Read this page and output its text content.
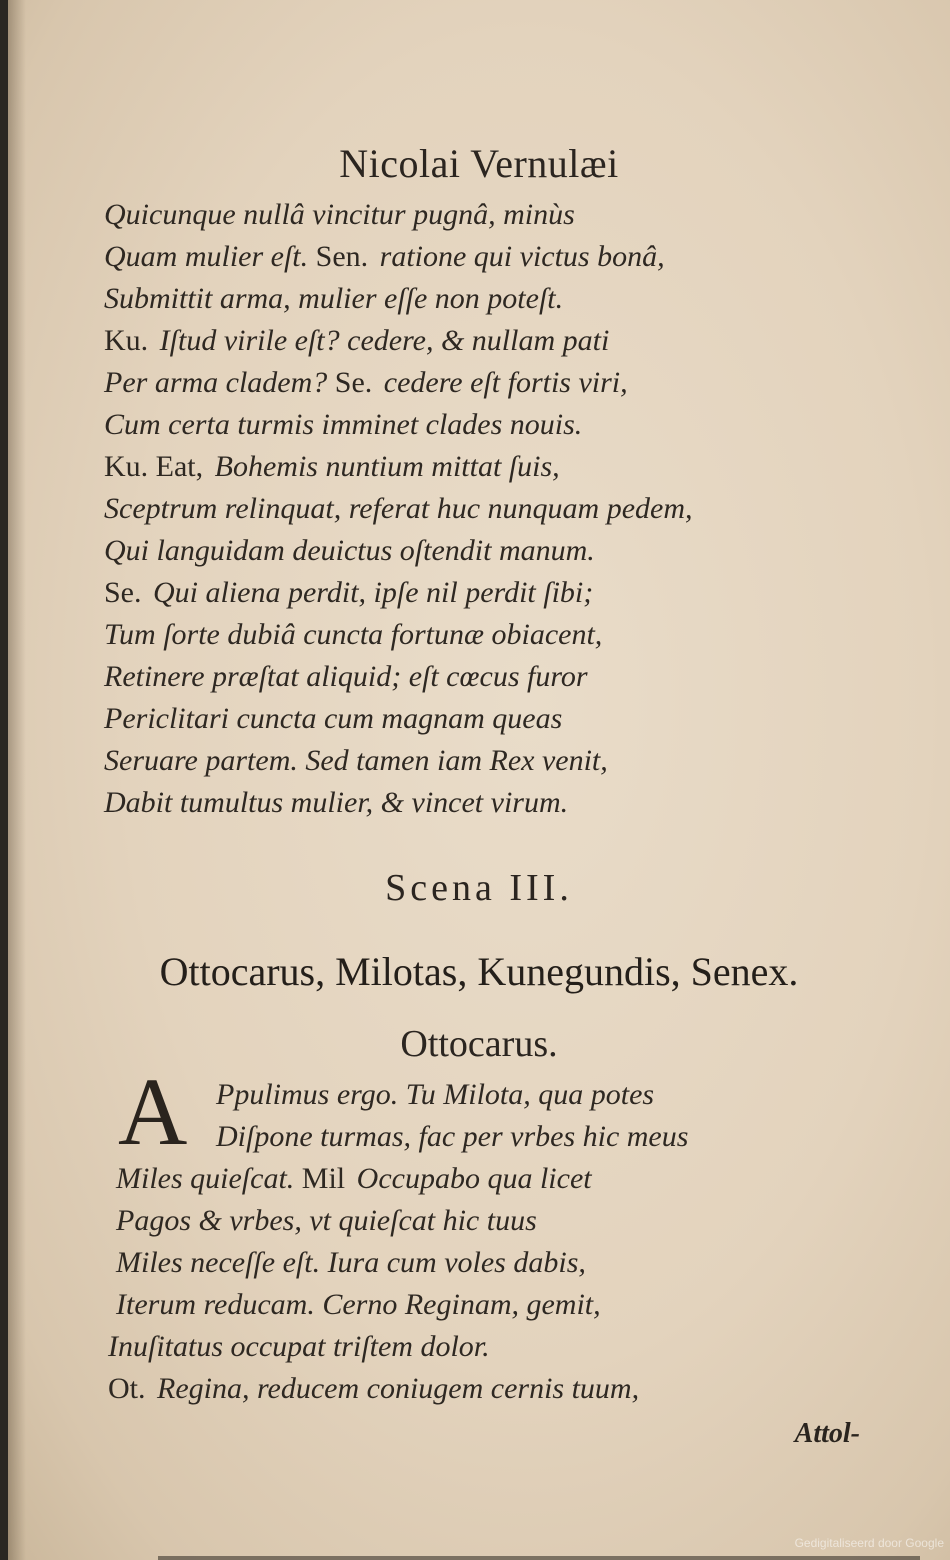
Nicolai Vernulæi
Quicunque nullâ vincitur pugnâ, minùs
Quam mulier eſt. Sen. ratione qui victus bonâ,
Submittit arma, mulier eſſe non poteſt.
Ku. Iſtud virile eſt? cedere, & nullam pati
Per arma cladem? Se. cedere eſt fortis viri,
Cum certa turmis imminet clades nouis.
Ku. Eat, Bohemis nuntium mittat ſuis,
Sceptrum relinquat, referat huc nunquam pedem,
Qui languidam deuictus oſtendit manum.
Se. Qui aliena perdit, ipſe nil perdit ſibi;
Tum ſorte dubiâ cuncta fortunæ obiacent,
Retinere præſtat aliquid; eſt cœcus furor
Periclitari cuncta cum magnam queas
Seruare partem. Sed tamen iam Rex venit,
Dabit tumultus mulier, & vincet virum.
Scena III.
Ottocarus, Milotas, Kunegundis, Senex.
Ottocarus.
A Ppulimus ergo. Tu Milota, qua potes
Diſpone turmas, fac per vrbes hic meus
Miles quieſcat. Mil Occupabo qua licet
Pagos & vrbes, vt quieſcat hic tuus
Miles neceſſe eſt. Iura cum voles dabis,
Iterum reducam. Cerno Reginam, gemit,
Inuſitatus occupat triſtem dolor.
Ot. Regina, reducem coniugem cernis tuum,
Attol-
Gedigitaliseerd door Google
